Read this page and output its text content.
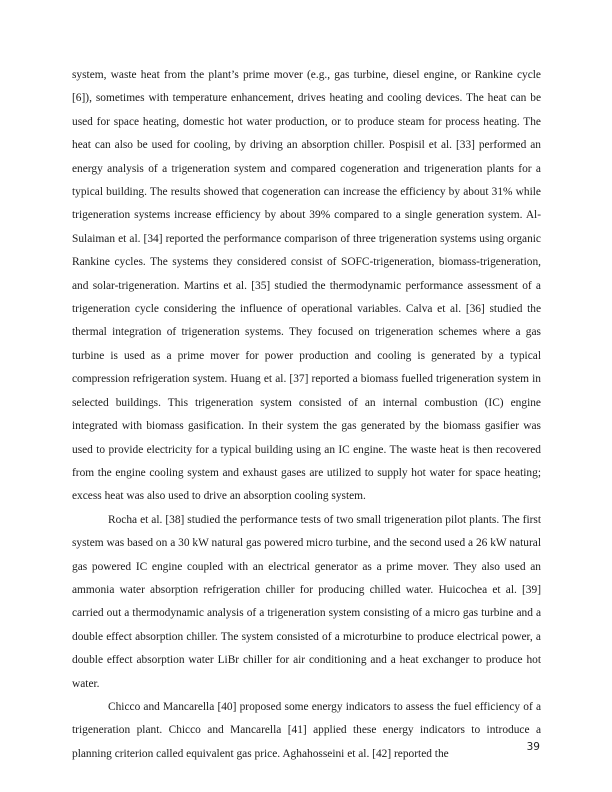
system, waste heat from the plant’s prime mover (e.g., gas turbine, diesel engine, or Rankine cycle [6]), sometimes with temperature enhancement, drives heating and cooling devices. The heat can be used for space heating, domestic hot water production, or to produce steam for process heating. The heat can also be used for cooling, by driving an absorption chiller. Pospisil et al. [33] performed an energy analysis of a trigeneration system and compared cogeneration and trigeneration plants for a typical building. The results showed that cogeneration can increase the efficiency by about 31% while trigeneration systems increase efficiency by about 39% compared to a single generation system. Al-Sulaiman et al. [34] reported the performance comparison of three trigeneration systems using organic Rankine cycles. The systems they considered consist of SOFC-trigeneration, biomass-trigeneration, and solar-trigeneration. Martins et al. [35] studied the thermodynamic performance assessment of a trigeneration cycle considering the influence of operational variables. Calva et al. [36] studied the thermal integration of trigeneration systems. They focused on trigeneration schemes where a gas turbine is used as a prime mover for power production and cooling is generated by a typical compression refrigeration system. Huang et al. [37] reported a biomass fuelled trigeneration system in selected buildings. This trigeneration system consisted of an internal combustion (IC) engine integrated with biomass gasification. In their system the gas generated by the biomass gasifier was used to provide electricity for a typical building using an IC engine. The waste heat is then recovered from the engine cooling system and exhaust gases are utilized to supply hot water for space heating; excess heat was also used to drive an absorption cooling system.

Rocha et al. [38] studied the performance tests of two small trigeneration pilot plants. The first system was based on a 30 kW natural gas powered micro turbine, and the second used a 26 kW natural gas powered IC engine coupled with an electrical generator as a prime mover. They also used an ammonia water absorption refrigeration chiller for producing chilled water. Huicochea et al. [39] carried out a thermodynamic analysis of a trigeneration system consisting of a micro gas turbine and a double effect absorption chiller. The system consisted of a microturbine to produce electrical power, a double effect absorption water LiBr chiller for air conditioning and a heat exchanger to produce hot water.

Chicco and Mancarella [40] proposed some energy indicators to assess the fuel efficiency of a trigeneration plant. Chicco and Mancarella [41] applied these energy indicators to introduce a planning criterion called equivalent gas price. Aghahosseini et al. [42] reported the

39
